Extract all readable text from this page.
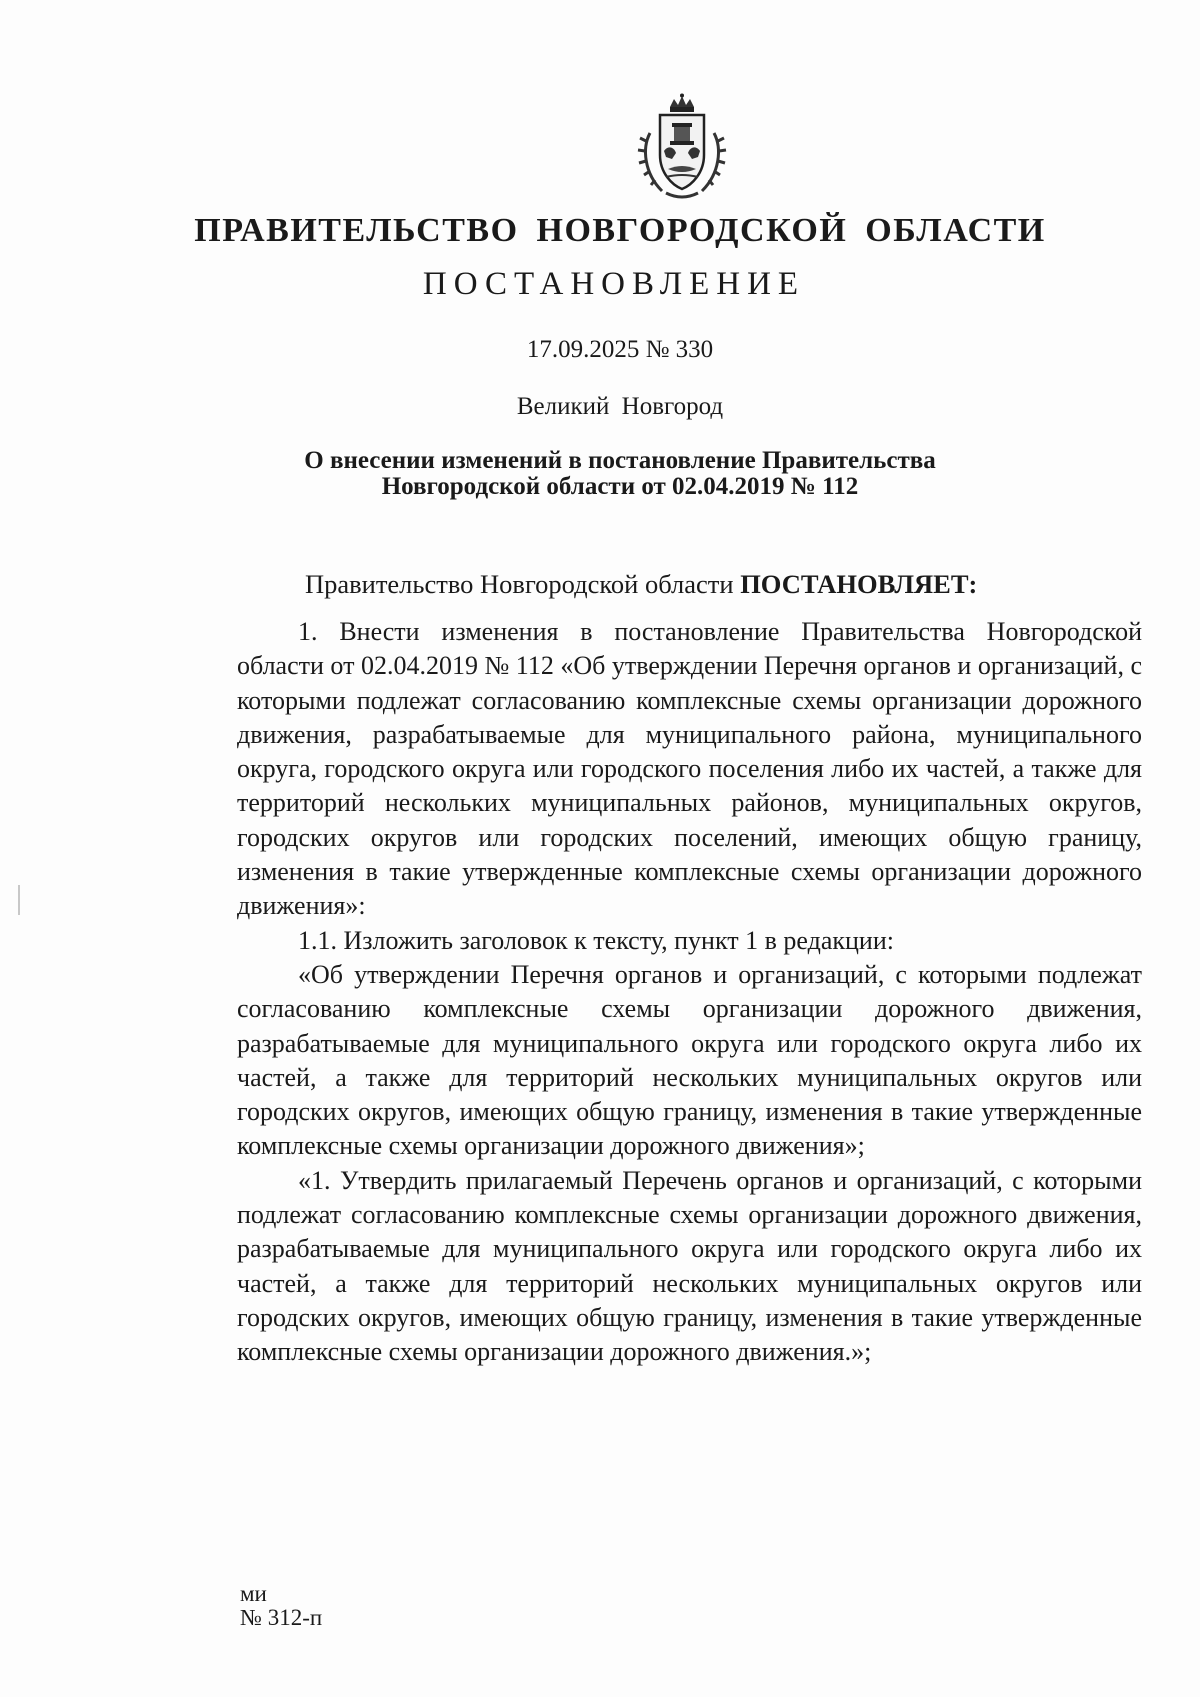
ПРАВИТЕЛЬСТВО НОВГОРОДСКОЙ ОБЛАСТИ
ПОСТАНОВЛЕНИЕ
17.09.2025 № 330
Великий Новгород
О внесении изменений в постановление Правительства
Новгородской области от 02.04.2019 № 112
Правительство Новгородской области ПОСТАНОВЛЯЕТ:

1. Внести изменения в постановление Правительства Новгородской области от 02.04.2019 № 112 «Об утверждении Перечня органов и организаций, с которыми подлежат согласованию комплексные схемы организации дорожного движения, разрабатываемые для муниципального района, муниципального округа, городского округа или городского поселения либо их частей, а также для территорий нескольких муниципальных районов, муниципальных округов, городских округов или городских поселений, имеющих общую границу, изменения в такие утвержденные комплексные схемы организации дорожного движения»:

1.1. Изложить заголовок к тексту, пункт 1 в редакции:

«Об утверждении Перечня органов и организаций, с которыми подлежат согласованию комплексные схемы организации дорожного движения, разрабатываемые для муниципального округа или городского округа либо их частей, а также для территорий нескольких муниципальных округов или городских округов, имеющих общую границу, изменения в такие утвержденные комплексные схемы организации дорожного движения»;

«1. Утвердить прилагаемый Перечень органов и организаций, с которыми подлежат согласованию комплексные схемы организации дорожного движения, разрабатываемые для муниципального округа или городского округа либо их частей, а также для территорий нескольких муниципальных округов или городских округов, имеющих общую границу, изменения в такие утвержденные комплексные схемы организации дорожного движения.»;

ми
№ 312-п
